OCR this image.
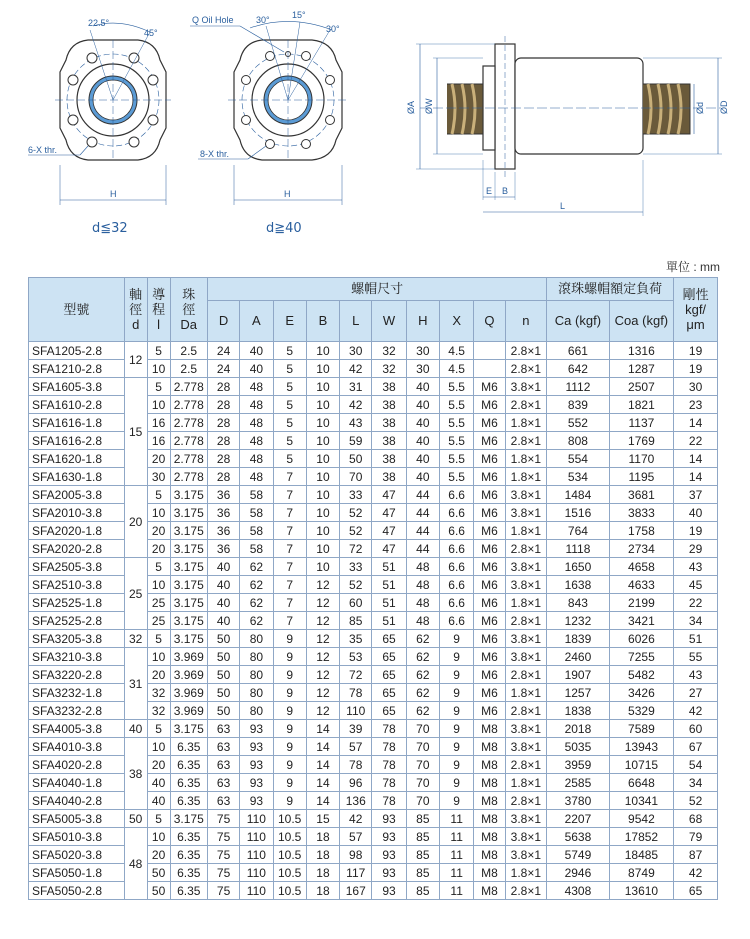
22.5°
45°
6-X thr.
H
d≦32
Q Oil Hole 30° 15°
30°
8-X thr.
H
d≧40
ØA ØW	Ød ØD
E B
L
單位 : mm
型號	軸
徑
d	導
程
l	珠
徑
Da	螺帽尺寸										滾珠螺帽額定負荷		剛性
kgf/
μm
				D	A	E	B	L	W	H	X	Q	n	Ca (kgf)	Coa (kgf)	
SFA1205-2.8	12	5	2.5	24	40	5	10	30	32	30	4.5		2.8×1	661	1316	19
SFA1210-2.8		10	2.5	24	40	5	10	42	32	30	4.5		2.8×1	642	1287	19
SFA1605-3.8	15	5	2.778	28	48	5	10	31	38	40	5.5	M6	3.8×1	1112	2507	30
SFA1610-2.8		10	2.778	28	48	5	10	42	38	40	5.5	M6	2.8×1	839	1821	23
SFA1616-1.8		16	2.778	28	48	5	10	43	38	40	5.5	M6	1.8×1	552	1137	14
SFA1616-2.8		16	2.778	28	48	5	10	59	38	40	5.5	M6	2.8×1	808	1769	22
SFA1620-1.8		20	2.778	28	48	5	10	50	38	40	5.5	M6	1.8×1	554	1170	14
SFA1630-1.8		30	2.778	28	48	7	10	70	38	40	5.5	M6	1.8×1	534	1195	14
SFA2005-3.8	20	5	3.175	36	58	7	10	33	47	44	6.6	M6	3.8×1	1484	3681	37
SFA2010-3.8		10	3.175	36	58	7	10	52	47	44	6.6	M6	3.8×1	1516	3833	40
SFA2020-1.8		20	3.175	36	58	7	10	52	47	44	6.6	M6	1.8×1	764	1758	19
SFA2020-2.8		20	3.175	36	58	7	10	72	47	44	6.6	M6	2.8×1	1118	2734	29
SFA2505-3.8	25	5	3.175	40	62	7	10	33	51	48	6.6	M6	3.8×1	1650	4658	43
SFA2510-3.8		10	3.175	40	62	7	12	52	51	48	6.6	M6	3.8×1	1638	4633	45
SFA2525-1.8		25	3.175	40	62	7	12	60	51	48	6.6	M6	1.8×1	843	2199	22
SFA2525-2.8		25	3.175	40	62	7	12	85	51	48	6.6	M6	2.8×1	1232	3421	34
SFA3205-3.8	32	5	3.175	50	80	9	12	35	65	62	9	M6	3.8×1	1839	6026	51
SFA3210-3.8	31	10	3.969	50	80	9	12	53	65	62	9	M6	3.8×1	2460	7255	55
SFA3220-2.8		20	3.969	50	80	9	12	72	65	62	9	M6	2.8×1	1907	5482	43
SFA3232-1.8		32	3.969	50	80	9	12	78	65	62	9	M6	1.8×1	1257	3426	27
SFA3232-2.8		32	3.969	50	80	9	12	110	65	62	9	M6	2.8×1	1838	5329	42
SFA4005-3.8	40	5	3.175	63	93	9	14	39	78	70	9	M8	3.8×1	2018	7589	60
SFA4010-3.8	38	10	6.35	63	93	9	14	57	78	70	9	M8	3.8×1	5035	13943	67
SFA4020-2.8		20	6.35	63	93	9	14	78	78	70	9	M8	2.8×1	3959	10715	54
SFA4040-1.8		40	6.35	63	93	9	14	96	78	70	9	M8	1.8×1	2585	6648	34
SFA4040-2.8		40	6.35	63	93	9	14	136	78	70	9	M8	2.8×1	3780	10341	52
SFA5005-3.8	50	5	3.175	75	110	10.5	15	42	93	85	11	M8	3.8×1	2207	9542	68
SFA5010-3.8	48	10	6.35	75	110	10.5	18	57	93	85	11	M8	3.8×1	5638	17852	79
SFA5020-3.8		20	6.35	75	110	10.5	18	98	93	85	11	M8	3.8×1	5749	18485	87
SFA5050-1.8		50	6.35	75	110	10.5	18	117	93	85	11	M8	1.8×1	2946	8749	42
SFA5050-2.8		50	6.35	75	110	10.5	18	167	93	85	11	M8	2.8×1	4308	13610	65
